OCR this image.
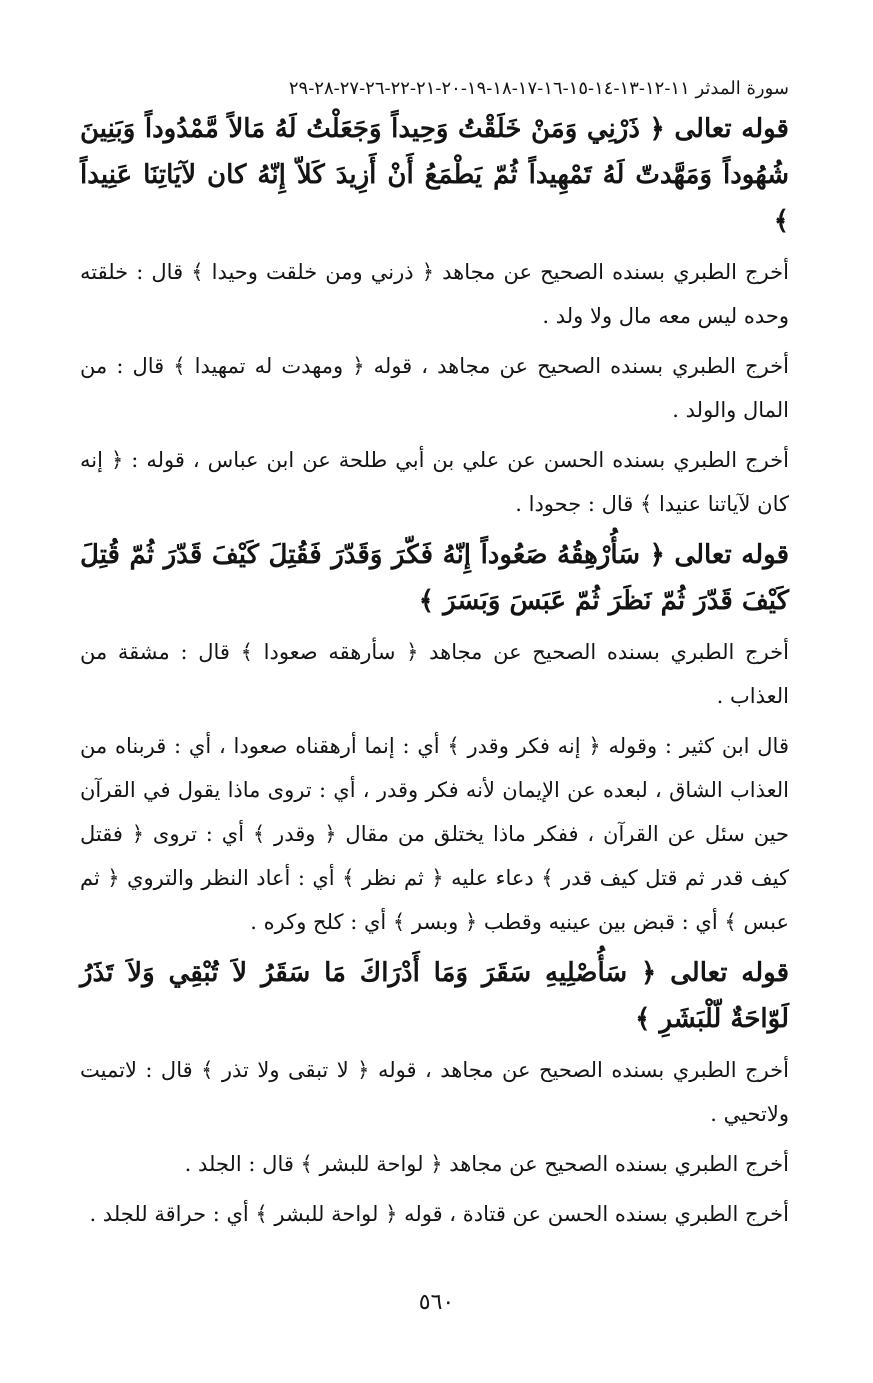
سورة المدثر ١١-١٢-١٣-١٤-١٥-١٦-١٧-١٨-١٩-٢٠-٢١-٢٢-٢٦-٢٧-٢٨-٢٩

قوله تعالى ﴿ ذَرْنِي وَمَنْ خَلَقْتُ وَحِيداً وَجَعَلْتُ لَهُ مَالاً مَّمْدُوداً وَبَنِينَ شُهُوداً وَمَهَّدتّ لَهُ تَمْهِيداً ثُمّ يَطْمَعُ أَنْ أَزِيدَ كَلاّ إِنّهُ كان لآيَاتِنَا عَنِيداً ﴾

أخرج الطبري بسنده الصحيح عن مجاهد ﴿ ذرني ومن خلقت وحيدا ﴾ قال : خلقته وحده ليس معه مال ولا ولد .

أخرج الطبري بسنده الصحيح عن مجاهد ، قوله ﴿ ومهدت له تمهيدا ﴾ قال : من المال والولد .

أخرج الطبري بسنده الحسن عن علي بن أبي طلحة عن ابن عباس ، قوله : ﴿ إنه كان لآياتنا عنيدا ﴾ قال : جحودا .

قوله تعالى ﴿ سَأُرْهِقُهُ صَعُوداً إِنّهُ فَكّرَ وَقَدّرَ فَقُتِلَ كَيْفَ قَدّرَ ثُمّ قُتِلَ كَيْفَ قَدّرَ ثُمّ نَظَرَ ثُمّ عَبَسَ وَبَسَرَ ﴾

أخرج الطبري بسنده الصحيح عن مجاهد ﴿ سأرهقه صعودا ﴾ قال : مشقة من العذاب .

قال ابن كثير : وقوله ﴿ إنه فكر وقدر ﴾ أي : إنما أرهقناه صعودا ، أي : قربناه من العذاب الشاق ، لبعده عن الإيمان لأنه فكر وقدر ، أي : تروى ماذا يقول في القرآن حين سئل عن القرآن ، ففكر ماذا يختلق من مقال ﴿ وقدر ﴾ أي : تروى ﴿ فقتل كيف قدر ثم قتل كيف قدر ﴾ دعاء عليه ﴿ ثم نظر ﴾ أي : أعاد النظر والتروي ﴿ ثم عبس ﴾ أي : قبض بين عينيه وقطب ﴿ وبسر ﴾ أي : كلح وكره .

قوله تعالى ﴿ سَأُصْلِيهِ سَقَرَ وَمَا أَدْرَاكَ مَا سَقَرُ لاَ تُبْقِي وَلاَ تَذَرُ لَوّاحَةٌ لّلْبَشَرِ ﴾

أخرج الطبري بسنده الصحيح عن مجاهد ، قوله ﴿ لا تبقى ولا تذر ﴾ قال : لاتميت ولاتحيي .

أخرج الطبري بسنده الصحيح عن مجاهد ﴿ لواحة للبشر ﴾ قال : الجلد .

أخرج الطبري بسنده الحسن عن قتادة ، قوله ﴿ لواحة للبشر ﴾ أي : حراقة للجلد .

٥٦٠
